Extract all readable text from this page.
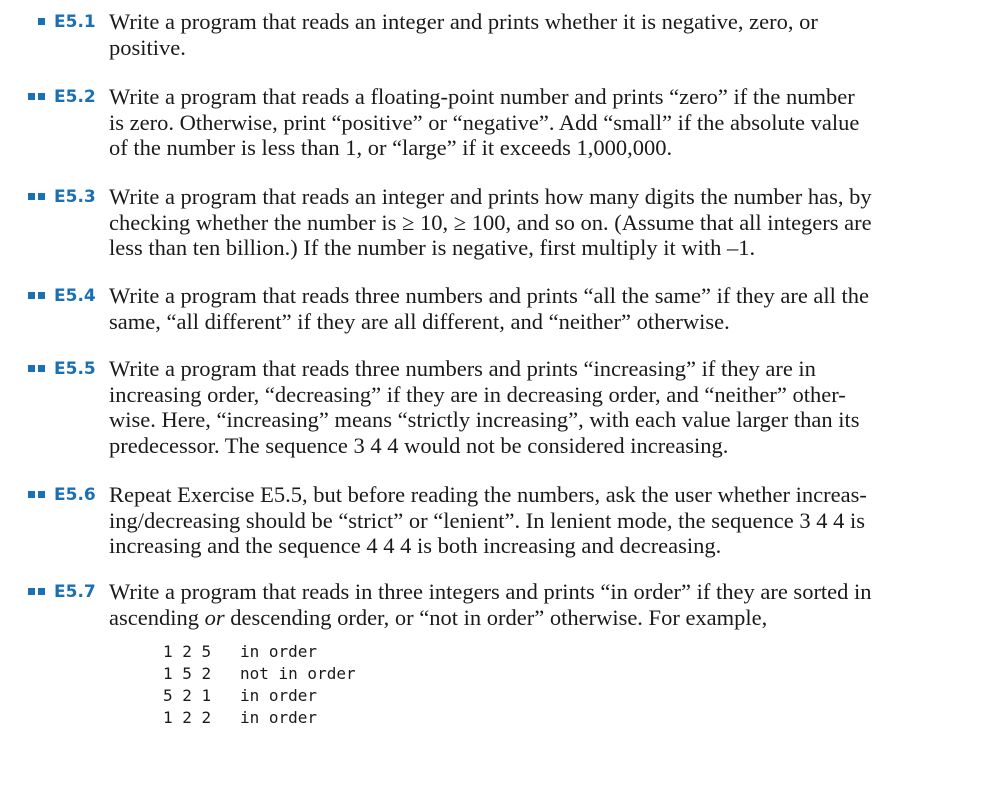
E5.1 Write a program that reads an integer and prints whether it is negative, zero, or
positive.

E5.2 Write a program that reads a floating-point number and prints “zero” if the number
is zero. Otherwise, print “positive” or “negative”. Add “small” if the absolute value
of the number is less than 1, or “large” if it exceeds 1,000,000.

E5.3 Write a program that reads an integer and prints how many digits the number has, by
checking whether the number is ≥ 10, ≥ 100, and so on. (Assume that all integers are
less than ten billion.) If the number is negative, first multiply it with –1.

E5.4 Write a program that reads three numbers and prints “all the same” if they are all the
same, “all different” if they are all different, and “neither” otherwise.

E5.5 Write a program that reads three numbers and prints “increasing” if they are in
increasing order, “decreasing” if they are in decreasing order, and “neither” other-
wise. Here, “increasing” means “strictly increasing”, with each value larger than its
predecessor. The sequence 3 4 4 would not be considered increasing.

E5.6 Repeat Exercise E5.5, but before reading the numbers, ask the user whether increas-
ing/decreasing should be “strict” or “lenient”. In lenient mode, the sequence 3 4 4 is
increasing and the sequence 4 4 4 is both increasing and decreasing.

E5.7 Write a program that reads in three integers and prints “in order” if they are sorted in
ascending or descending order, or “not in order” otherwise. For example,

1 2 5

in order

1 5 2

not in order

5 2 1

in order

1 2 2

in order
